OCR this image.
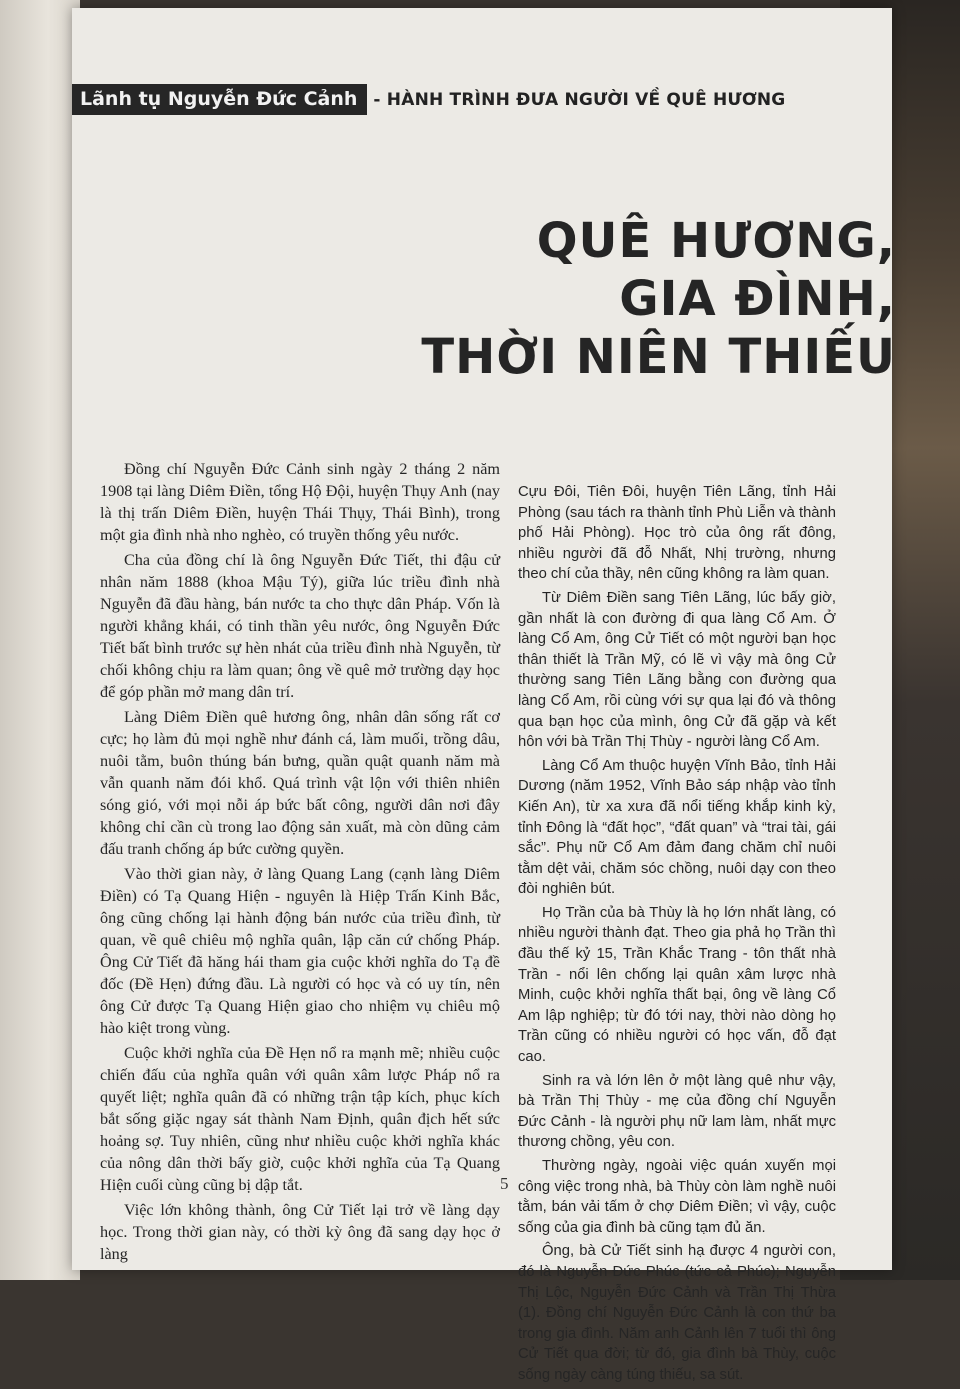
Lãnh tụ Nguyễn Đức Cảnh - HÀNH TRÌNH ĐƯA NGƯỜI VỀ QUÊ HƯƠNG
QUÊ HƯƠNG,
GIA ĐÌNH,
THỜI NIÊN THIẾU

Đồng chí Nguyễn Đức Cảnh sinh ngày 2 tháng 2 năm 1908 tại làng Diêm Điền, tổng Hộ Đội, huyện Thụy Anh (nay là thị trấn Diêm Điền, huyện Thái Thụy, Thái Bình), trong một gia đình nhà nho nghèo, có truyền thống yêu nước.

Cha của đồng chí là ông Nguyễn Đức Tiết, thi đậu cử nhân năm 1888 (khoa Mậu Tý), giữa lúc triều đình nhà Nguyễn đã đầu hàng, bán nước ta cho thực dân Pháp. Vốn là người khẳng khái, có tinh thần yêu nước, ông Nguyễn Đức Tiết bất bình trước sự hèn nhát của triều đình nhà Nguyễn, từ chối không chịu ra làm quan; ông về quê mở trường dạy học để góp phần mở mang dân trí.

Làng Diêm Điền quê hương ông, nhân dân sống rất cơ cực; họ làm đủ mọi nghề như đánh cá, làm muối, trồng dâu, nuôi tằm, buôn thúng bán bưng, quần quật quanh năm mà vẫn quanh năm đói khổ. Quá trình vật lộn với thiên nhiên sóng gió, với mọi nỗi áp bức bất công, người dân nơi đây không chỉ cần cù trong lao động sản xuất, mà còn dũng cảm đấu tranh chống áp bức cường quyền.

Vào thời gian này, ở làng Quang Lang (cạnh làng Diêm Điền) có Tạ Quang Hiện - nguyên là Hiệp Trấn Kinh Bắc, ông cũng chống lại hành động bán nước của triều đình, từ quan, về quê chiêu mộ nghĩa quân, lập căn cứ chống Pháp. Ông Cử Tiết đã hăng hái tham gia cuộc khởi nghĩa do Tạ đề đốc (Đề Hẹn) đứng đầu. Là người có học và có uy tín, nên ông Cử được Tạ Quang Hiện giao cho nhiệm vụ chiêu mộ hào kiệt trong vùng.

Cuộc khởi nghĩa của Đề Hẹn nổ ra mạnh mẽ; nhiều cuộc chiến đấu của nghĩa quân với quân xâm lược Pháp nổ ra quyết liệt; nghĩa quân đã có những trận tập kích, phục kích bắt sống giặc ngay sát thành Nam Định, quân địch hết sức hoảng sợ. Tuy nhiên, cũng như nhiều cuộc khởi nghĩa khác của nông dân thời bấy giờ, cuộc khởi nghĩa của Tạ Quang Hiện cuối cùng cũng bị dập tắt.

Việc lớn không thành, ông Cử Tiết lại trở về làng dạy học. Trong thời gian này, có thời kỳ ông đã sang dạy học ở làng

Cựu Đôi, Tiên Đôi, huyện Tiên Lãng, tỉnh Hải Phòng (sau tách ra thành tỉnh Phù Liễn và thành phố Hải Phòng). Học trò của ông rất đông, nhiều người đã đỗ Nhất, Nhị trường, nhưng theo chí của thầy, nên cũng không ra làm quan.

Từ Diêm Điền sang Tiên Lãng, lúc bấy giờ, gần nhất là con đường đi qua làng Cổ Am. Ở làng Cổ Am, ông Cử Tiết có một người bạn học thân thiết là Trần Mỹ, có lẽ vì vậy mà ông Cử thường sang Tiên Lãng bằng con đường qua làng Cổ Am, rồi cùng với sự qua lại đó và thông qua bạn học của mình, ông Cử đã gặp và kết hôn với bà Trần Thị Thùy - người làng Cổ Am.

Làng Cổ Am thuộc huyện Vĩnh Bảo, tỉnh Hải Dương (năm 1952, Vĩnh Bảo sáp nhập vào tỉnh Kiến An), từ xa xưa đã nổi tiếng khắp kinh kỳ, tỉnh Đông là “đất học”, “đất quan” và “trai tài, gái sắc”. Phụ nữ Cổ Am đảm đang chăm chỉ nuôi tằm dệt vải, chăm sóc chồng, nuôi dạy con theo đòi nghiên bút.

Họ Trần của bà Thùy là họ lớn nhất làng, có nhiều người thành đạt. Theo gia phả họ Trần thì đầu thế kỷ 15, Trần Khắc Trang - tôn thất nhà Trần - nổi lên chống lại quân xâm lược nhà Minh, cuộc khởi nghĩa thất bại, ông về làng Cổ Am lập nghiệp; từ đó tới nay, thời nào dòng họ Trần cũng có nhiều người có học vấn, đỗ đạt cao.

Sinh ra và lớn lên ở một làng quê như vậy, bà Trần Thị Thùy - mẹ của đồng chí Nguyễn Đức Cảnh - là người phụ nữ lam làm, nhất mực thương chồng, yêu con.

Thường ngày, ngoài việc quán xuyến mọi công việc trong nhà, bà Thùy còn làm nghề nuôi tằm, bán vải tấm ở chợ Diêm Điền; vì vậy, cuộc sống của gia đình bà cũng tạm đủ ăn.

Ông, bà Cử Tiết sinh hạ được 4 người con, đó là Nguyễn Đức Phúc (tức cả Phúc); Nguyễn Thị Lộc, Nguyễn Đức Cảnh và Trần Thị Thừa (1). Đồng chí Nguyễn Đức Cảnh là con thứ ba trong gia đình. Năm anh Cảnh lên 7 tuổi thì ông Cử Tiết qua đời; từ đó, gia đình bà Thùy, cuộc sống ngày càng túng thiếu, sa sút.

5
